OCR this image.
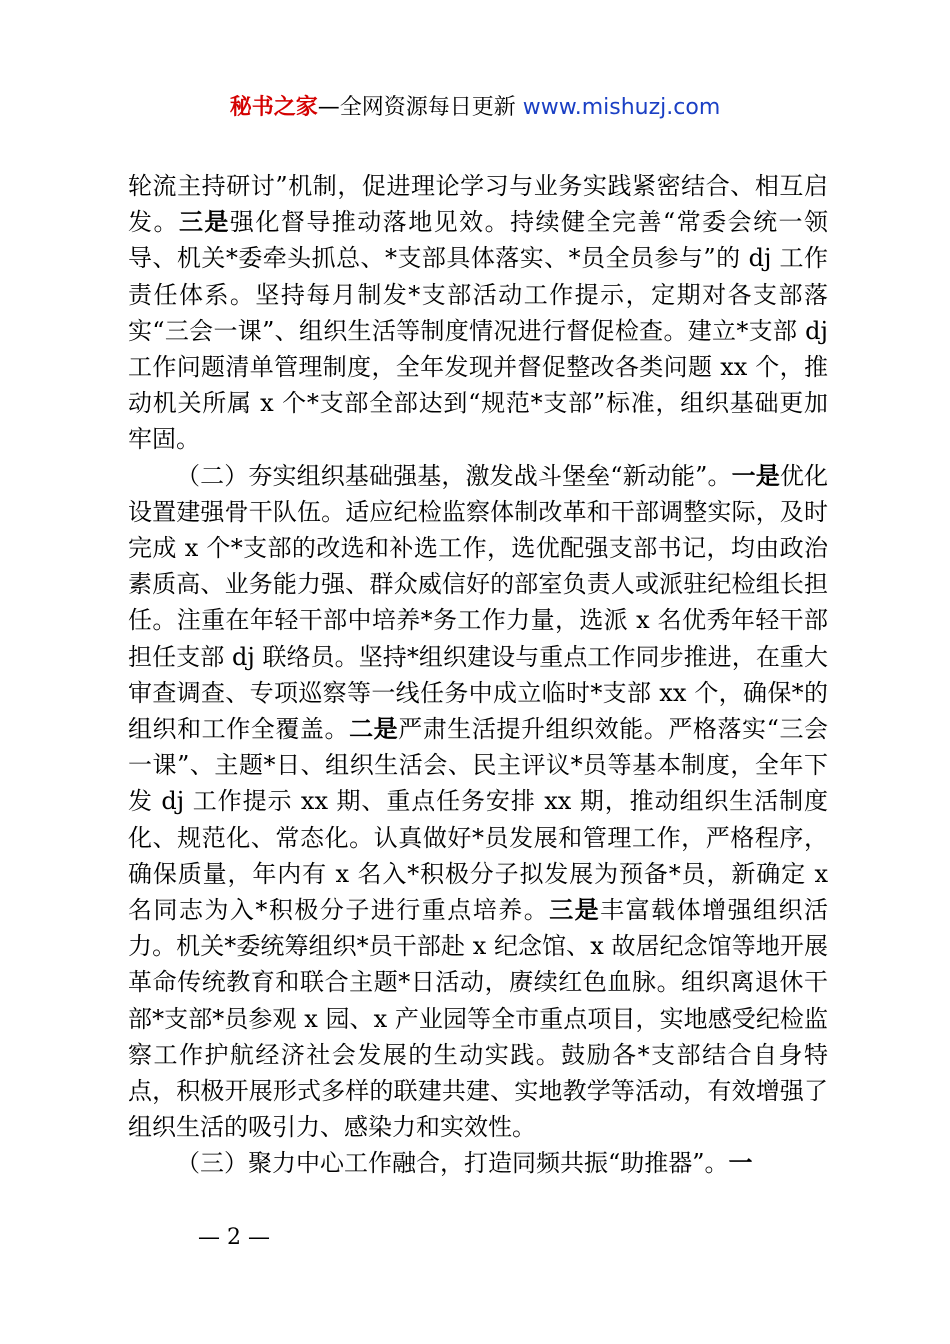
秘书之家—全网资源每日更新 www.mishuzj.com

轮流主持研讨”机制，促进理论学习与业务实践紧密结合、相互启发。三是强化督导推动落地见效。持续健全完善“常委会统一领导、机关*委牵头抓总、*支部具体落实、*员全员参与”的 dj 工作责任体系。坚持每月制发*支部活动工作提示，定期对各支部落实“三会一课”、组织生活等制度情况进行督促检查。建立*支部 dj 工作问题清单管理制度，全年发现并督促整改各类问题 xx 个，推动机关所属 x 个*支部全部达到“规范*支部”标准，组织基础更加牢固。

（二）夯实组织基础强基，激发战斗堡垒“新动能”。一是优化设置建强骨干队伍。适应纪检监察体制改革和干部调整实际，及时完成 x 个*支部的改选和补选工作，选优配强支部书记，均由政治素质高、业务能力强、群众威信好的部室负责人或派驻纪检组长担任。注重在年轻干部中培养*务工作力量，选派 x 名优秀年轻干部担任支部 dj 联络员。坚持*组织建设与重点工作同步推进，在重大审查调查、专项巡察等一线任务中成立临时*支部 xx 个，确保*的组织和工作全覆盖。二是严肃生活提升组织效能。严格落实“三会一课”、主题*日、组织生活会、民主评议*员等基本制度，全年下发 dj 工作提示 xx 期、重点任务安排 xx 期，推动组织生活制度化、规范化、常态化。认真做好*员发展和管理工作，严格程序，确保质量，年内有 x 名入*积极分子拟发展为预备*员，新确定 x 名同志为入*积极分子进行重点培养。三是丰富载体增强组织活力。机关*委统筹组织*员干部赴 x 纪念馆、x 故居纪念馆等地开展革命传统教育和联合主题*日活动，赓续红色血脉。组织离退休干部*支部*员参观 x 园、x 产业园等全市重点项目，实地感受纪检监察工作护航经济社会发展的生动实践。鼓励各*支部结合自身特点，积极开展形式多样的联建共建、实地教学等活动，有效增强了组织生活的吸引力、感染力和实效性。

（三）聚力中心工作融合，打造同频共振“助推器”。一

— 2 —
